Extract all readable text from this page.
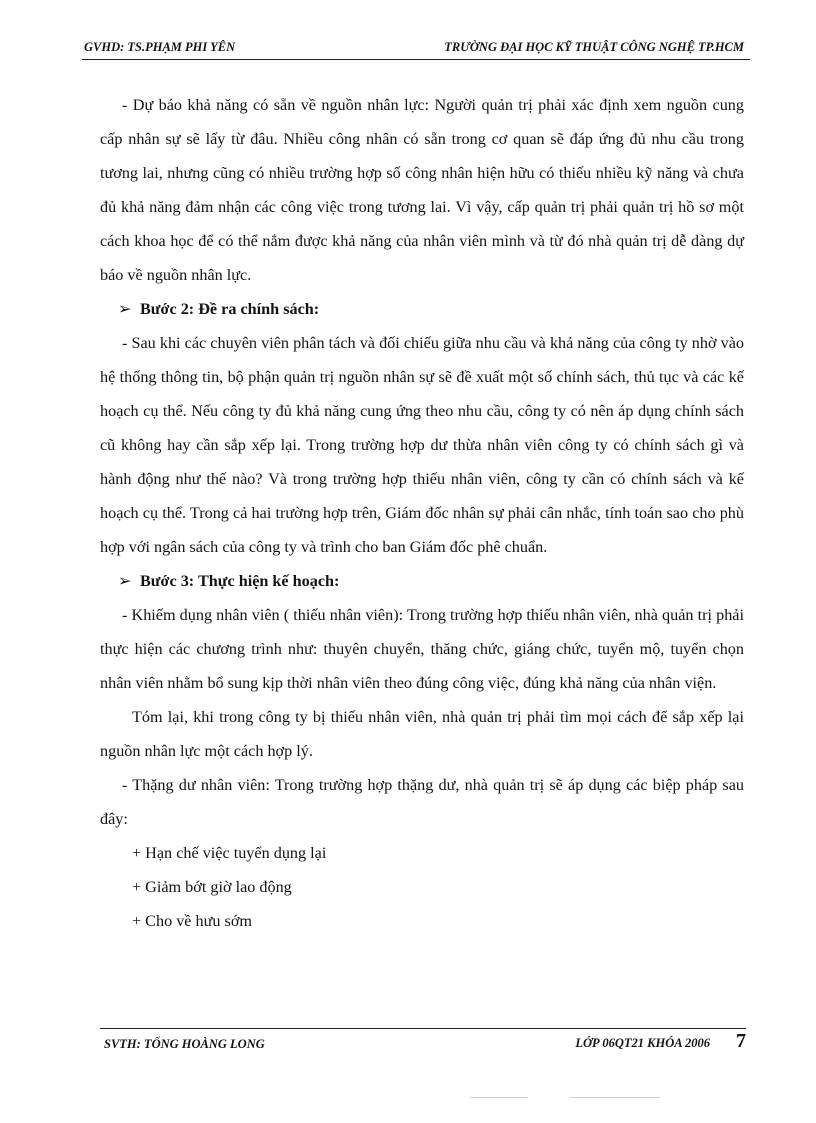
GVHD: TS.PHẠM PHI YÊN	TRƯỜNG ĐẠI HỌC KỸ THUẬT CÔNG NGHỆ TP.HCM

- Dự báo khả năng có sẵn về nguồn nhân lực: Người quản trị phải xác định xem nguồn cung cấp nhân sự sẽ lấy từ đâu. Nhiều công nhân có sẵn trong cơ quan sẽ đáp ứng đủ nhu cầu trong tương lai, nhưng cũng có nhiều trường hợp số công nhân hiện hữu có thiếu nhiều kỹ năng và chưa đủ khả năng đảm nhận các công việc trong tương lai. Vì vậy, cấp quản trị phải quản trị hồ sơ một cách khoa học để có thể nắm được khả năng của nhân viên mình và từ đó nhà quản trị dễ dàng dự báo về nguồn nhân lực.

➢ Bước 2: Đề ra chính sách:

- Sau khi các chuyên viên phân tách và đối chiếu giữa nhu cầu và khả năng của công ty nhờ vào hệ thống thông tin, bộ phận quản trị nguồn nhân sự sẽ đề xuất một số chính sách, thủ tục và các kế hoạch cụ thể. Nếu công ty đủ khả năng cung ứng theo nhu cầu, công ty có nên áp dụng chính sách cũ không hay cần sắp xếp lại. Trong trường hợp dư thừa nhân viên công ty có chính sách gì và hành động như thế nào? Và trong trường hợp thiếu nhân viên, công ty cần có chính sách và kế hoạch cụ thể. Trong cả hai trường hợp trên, Giám đốc nhân sự phải cân nhắc, tính toán sao cho phù hợp với ngân sách của công ty và trình cho ban Giám đốc phê chuẩn.

➢ Bước 3: Thực hiện kế hoạch:

- Khiếm dụng nhân viên ( thiếu nhân viên): Trong trường hợp thiếu nhân viên, nhà quản trị phải thực hiện các chương trình như: thuyên chuyển, thăng chức, giáng chức, tuyển mộ, tuyển chọn nhân viên nhằm bổ sung kịp thời nhân viên theo đúng công việc, đúng khả năng của nhân viện.

Tóm lại, khi trong công ty bị thiếu nhân viên, nhà quản trị phải tìm mọi cách để sắp xếp lại nguồn nhân lực một cách hợp lý.

- Thặng dư nhân viên: Trong trường hợp thặng dư, nhà quản trị sẽ áp dụng các biệp pháp sau đây:

+ Hạn chế việc tuyển dụng lại

+ Giảm bớt giờ lao động

+ Cho về hưu sớm

SVTH: TỐNG HOÀNG LONG	LỚP 06QT21 KHÓA 2006 7
